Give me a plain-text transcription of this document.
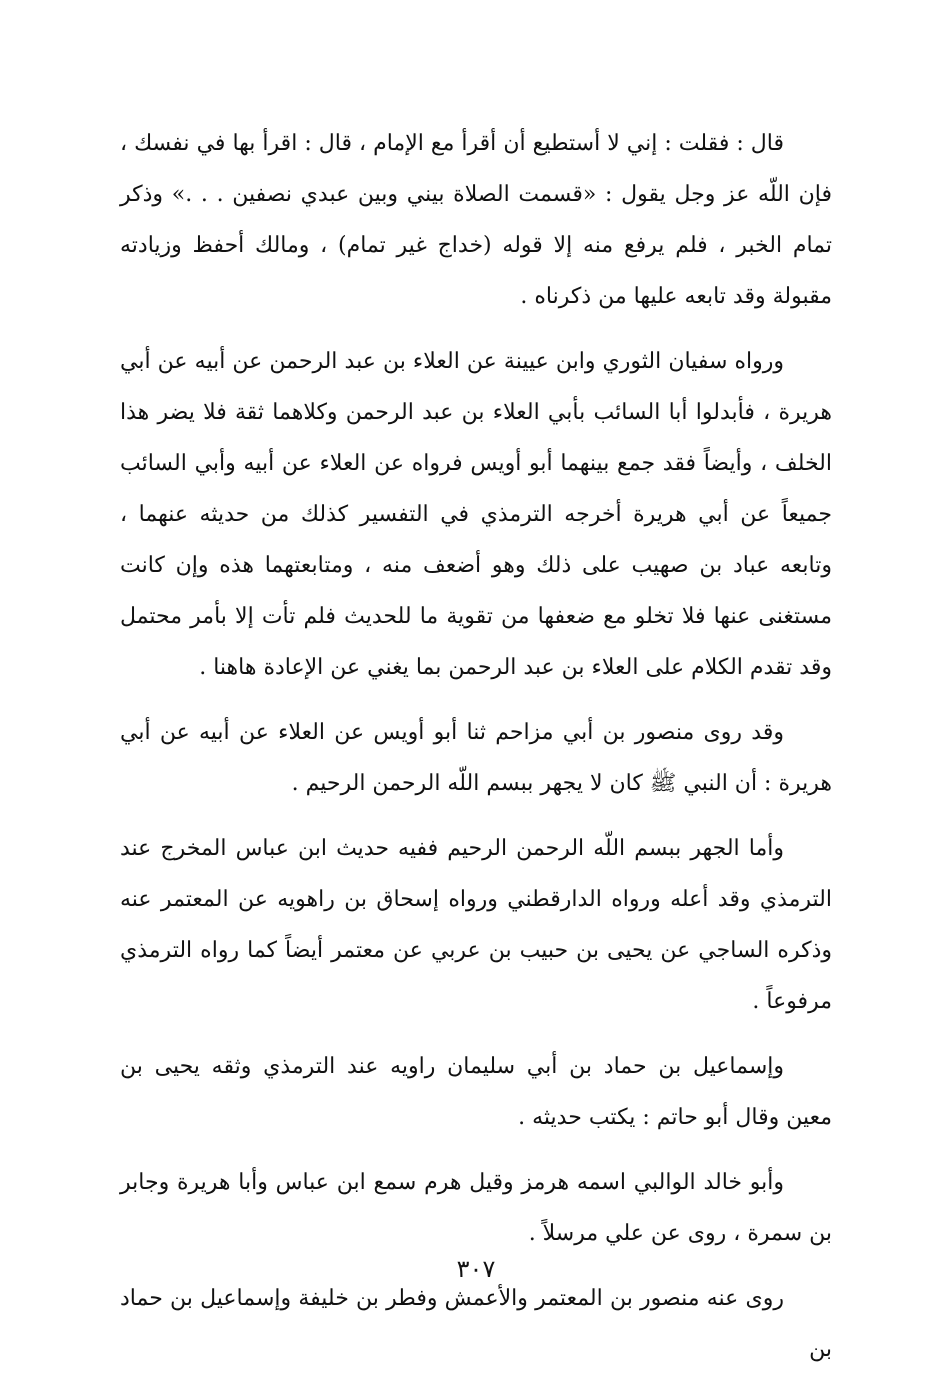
قال : فقلت : إني لا أستطيع أن أقرأ مع الإمام ، قال : اقرأ بها في نفسك ، فإن اللّه عز وجل يقول : «قسمت الصلاة بيني وبين عبدي نصفين . . .» وذكر تمام الخبر ، فلم يرفع منه إلا قوله (خداج غير تمام) ، ومالك أحفظ وزيادته مقبولة وقد تابعه عليها من ذكرناه .

ورواه سفيان الثوري وابن عيينة عن العلاء بن عبد الرحمن عن أبيه عن أبي هريرة ، فأبدلوا أبا السائب بأبي العلاء بن عبد الرحمن وكلاهما ثقة فلا يضر هذا الخلف ، وأيضاً فقد جمع بينهما أبو أويس فرواه عن العلاء عن أبيه وأبي السائب جميعاً عن أبي هريرة أخرجه الترمذي في التفسير كذلك من حديثه عنهما ، وتابعه عباد بن صهيب على ذلك وهو أضعف منه ، ومتابعتهما هذه وإن كانت مستغنى عنها فلا تخلو مع ضعفها من تقوية ما للحديث فلم تأت إلا بأمر محتمل وقد تقدم الكلام على العلاء بن عبد الرحمن بما يغني عن الإعادة هاهنا .

وقد روى منصور بن أبي مزاحم ثنا أبو أويس عن العلاء عن أبيه عن أبي هريرة : أن النبي ﷺ كان لا يجهر ببسم اللّه الرحمن الرحيم .

وأما الجهر ببسم اللّه الرحمن الرحيم ففيه حديث ابن عباس المخرج عند الترمذي وقد أعله ورواه الدارقطني ورواه إسحاق بن راهويه عن المعتمر عنه وذكره الساجي عن يحيى بن حبيب بن عربي عن معتمر أيضاً كما رواه الترمذي مرفوعاً .

وإسماعيل بن حماد بن أبي سليمان راويه عند الترمذي وثقه يحيى بن معين وقال أبو حاتم : يكتب حديثه .

وأبو خالد الوالبي اسمه هرمز وقيل هرم سمع ابن عباس وأبا هريرة وجابر بن سمرة ، روى عن علي مرسلاً .

روى عنه منصور بن المعتمر والأعمش وفطر بن خليفة وإسماعيل بن حماد بن

٣٠٧
